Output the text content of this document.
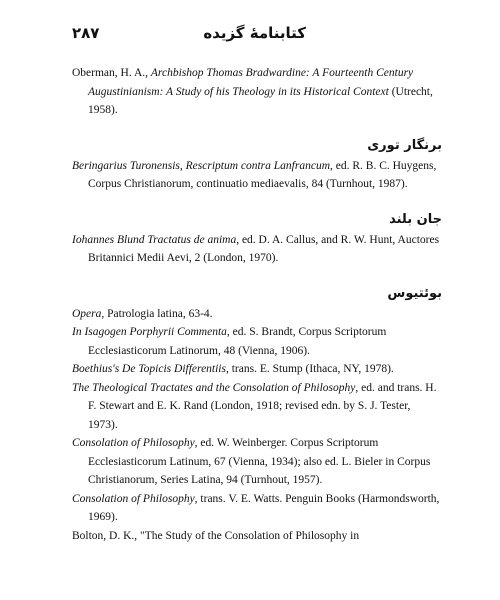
۲۸۷	کتابنامهٔ گزیده

Oberman, H. A., Archbishop Thomas Bradwardine: A Fourteenth Century Augustinianism: A Study of his Theology in its Historical Context (Utrecht, 1958).

برنگار توری

Beringarius Turonensis, Rescriptum contra Lanfrancum, ed. R. B. C. Huygens, Corpus Christianorum, continuatio mediaevalis, 84 (Turnhout, 1987).

جان بلند

Iohannes Blund Tractatus de anima, ed. D. A. Callus, and R. W. Hunt, Auctores Britannici Medii Aevi, 2 (London, 1970).

بوئتیوس

Opera, Patrologia latina, 63-4.

In Isagogen Porphyrii Commenta, ed. S. Brandt, Corpus Scriptorum Ecclesiasticorum Latinorum, 48 (Vienna, 1906).

Boethius's De Topicis Differentiis, trans. E. Stump (Ithaca, NY, 1978).

The Theological Tractates and the Consolation of Philosophy, ed. and trans. H. F. Stewart and E. K. Rand (London, 1918; revised edn. by S. J. Tester, 1973).

Consolation of Philosophy, ed. W. Weinberger. Corpus Scriptorum Ecclesiasticorum Latinum, 67 (Vienna, 1934); also ed. L. Bieler in Corpus Christianorum, Series Latina, 94 (Turnhout, 1957).

Consolation of Philosophy, trans. V. E. Watts. Penguin Books (Harmondsworth, 1969).

Bolton, D. K., "The Study of the Consolation of Philosophy in
